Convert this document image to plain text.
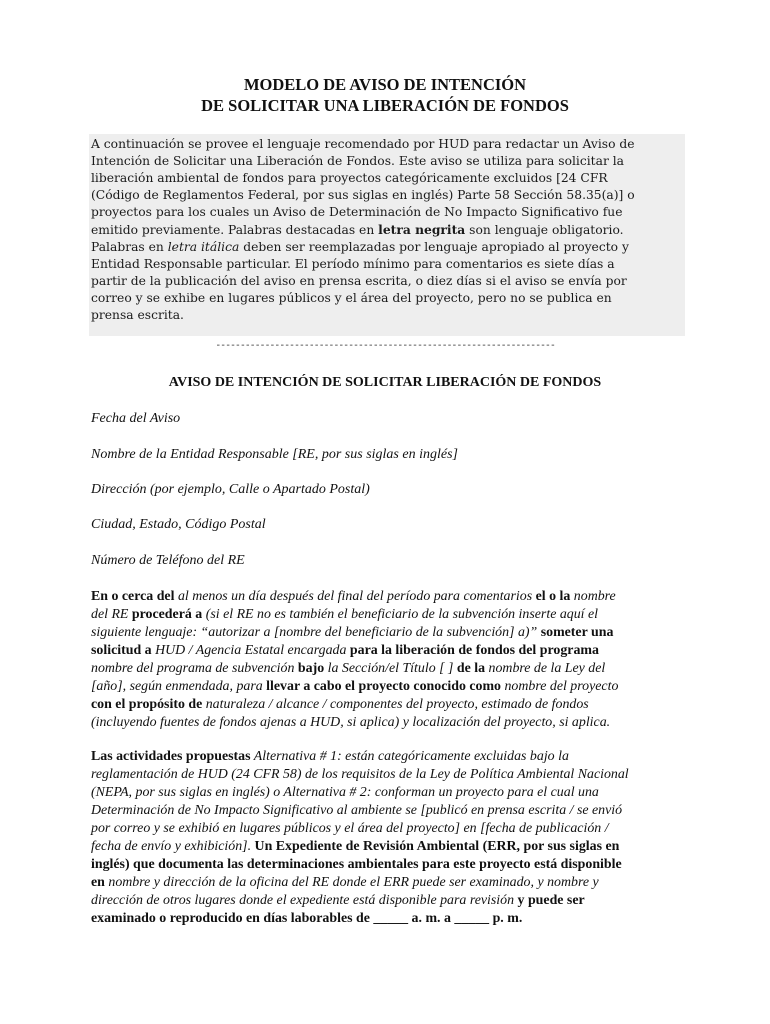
MODELO DE AVISO DE INTENCIÓN
DE SOLICITAR UNA LIBERACIÓN DE FONDOS
A continuación se provee el lenguaje recomendado por HUD para redactar un Aviso de
Intención de Solicitar una Liberación de Fondos. Este aviso se utiliza para solicitar la
liberación ambiental de fondos para proyectos categóricamente excluidos [24 CFR
(Código de Reglamentos Federal, por sus siglas en inglés) Parte 58 Sección 58.35(a)] o
proyectos para los cuales un Aviso de Determinación de No Impacto Significativo fue
emitido previamente. Palabras destacadas en letra negrita son lenguaje obligatorio.
Palabras en letra itálica deben ser reemplazadas por lenguaje apropiado al proyecto y
Entidad Responsable particular. El período mínimo para comentarios es siete días a
partir de la publicación del aviso en prensa escrita, o diez días si el aviso se envía por
correo y se exhibe en lugares públicos y el área del proyecto, pero no se publica en
prensa escrita.
---------------------------------------------------------------------
AVISO DE INTENCIÓN DE SOLICITAR LIBERACIÓN DE FONDOS
Fecha del Aviso
Nombre de la Entidad Responsable [RE, por sus siglas en inglés]
Dirección (por ejemplo, Calle o Apartado Postal)
Ciudad, Estado, Código Postal
Número de Teléfono del RE
En o cerca del al menos un día después del final del período para comentarios el o la nombre
del RE procederá a (si el RE no es también el beneficiario de la subvención inserte aquí el
siguiente lenguaje: “autorizar a [nombre del beneficiario de la subvención] a)” someter una
solicitud a HUD / Agencia Estatal encargada para la liberación de fondos del programa
nombre del programa de subvención bajo la Sección/el Título [ ] de la nombre de la Ley del
[año], según enmendada, para llevar a cabo el proyecto conocido como nombre del proyecto
con el propósito de naturaleza / alcance / componentes del proyecto, estimado de fondos
(incluyendo fuentes de fondos ajenas a HUD, si aplica) y localización del proyecto, si aplica.
Las actividades propuestas Alternativa # 1: están categóricamente excluidas bajo la
reglamentación de HUD (24 CFR 58) de los requisitos de la Ley de Política Ambiental Nacional
(NEPA, por sus siglas en inglés) o Alternativa # 2: conforman un proyecto para el cual una
Determinación de No Impacto Significativo al ambiente se [publicó en prensa escrita / se envió
por correo y se exhibió en lugares públicos y el área del proyecto] en [fecha de publicación /
fecha de envío y exhibición]. Un Expediente de Revisión Ambiental (ERR, por sus siglas en
inglés) que documenta las determinaciones ambientales para este proyecto está disponible
en nombre y dirección de la oficina del RE donde el ERR puede ser examinado, y nombre y
dirección de otros lugares donde el expediente está disponible para revisión y puede ser
examinado o reproducido en días laborables de _____ a. m. a _____ p. m.
